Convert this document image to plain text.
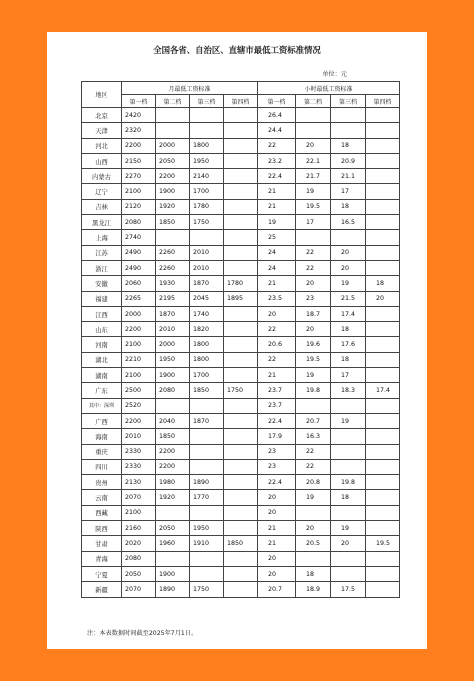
全国各省、自治区、直辖市最低工资标准情况
单位：元
地区	月最低工资标准				小时最低工资标准			
	第一档	第二档	第三档	第四档	第一档	第二档	第三档	第四档
北京	2420				26.4			
天津	2320				24.4			
河北	2200	2000	1800		22	20	18	
山西	2150	2050	1950		23.2	22.1	20.9	
内蒙古	2270	2200	2140		22.4	21.7	21.1	
辽宁	2100	1900	1700		21	19	17	
吉林	2120	1920	1780		21	19.5	18	
黑龙江	2080	1850	1750		19	17	16.5	
上海	2740				25			
江苏	2490	2260	2010		24	22	20	
浙江	2490	2260	2010		24	22	20	
安徽	2060	1930	1870	1780	21	20	19	18
福建	2265	2195	2045	1895	23.5	23	21.5	20
江西	2000	1870	1740		20	18.7	17.4	
山东	2200	2010	1820		22	20	18	
河南	2100	2000	1800		20.6	19.6	17.6	
湖北	2210	1950	1800		22	19.5	18	
湖南	2100	1900	1700		21	19	17	
广东	2500	2080	1850	1750	23.7	19.8	18.3	17.4
其中：深圳	2520				23.7			
广西	2200	2040	1870		22.4	20.7	19	
海南	2010	1850			17.9	16.3		
重庆	2330	2200			23	22		
四川	2330	2200			23	22		
贵州	2130	1980	1890		22.4	20.8	19.8	
云南	2070	1920	1770		20	19	18	
西藏	2100				20			
陕西	2160	2050	1950		21	20	19	
甘肃	2020	1960	1910	1850	21	20.5	20	19.5
青海	2080				20			
宁夏	2050	1900			20	18		
新疆	2070	1890	1750		20.7	18.9	17.5	
注：本表数据时间截至2025年7月1日。
